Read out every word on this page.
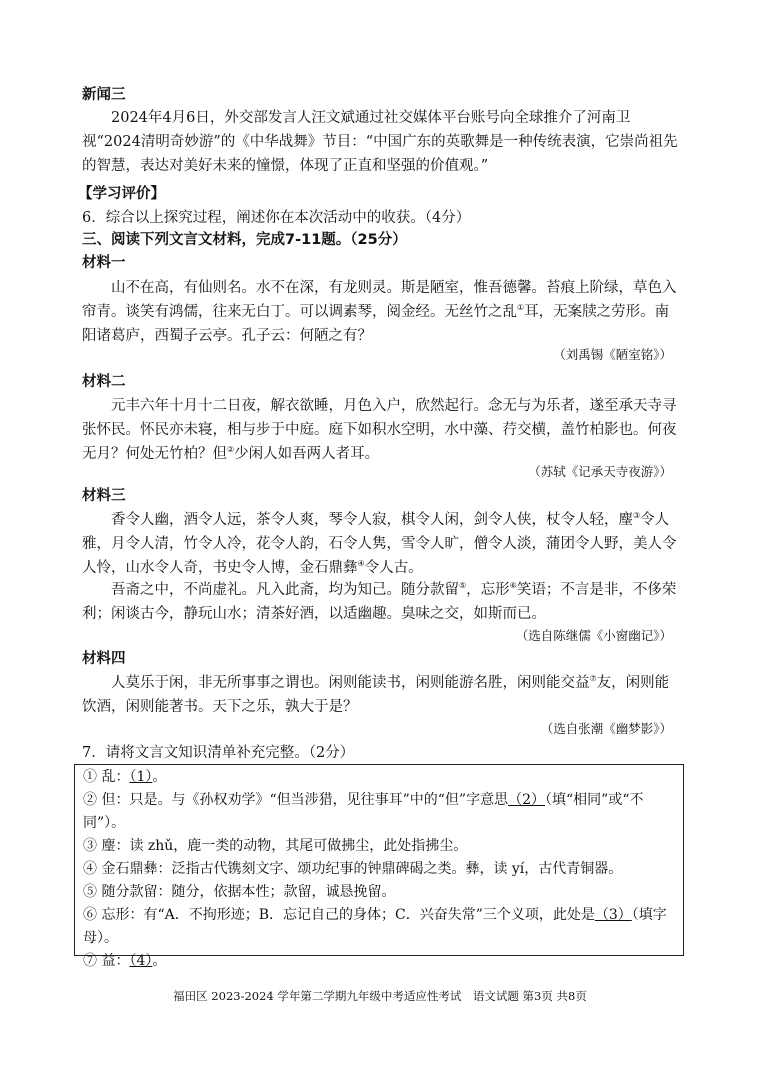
新闻三

2024年4月6日，外交部发言人汪文斌通过社交媒体平台账号向全球推介了河南卫视“2024清明奇妙游”的《中华战舞》节目：“中国广东的英歌舞是一种传统表演，它崇尚祖先的智慧，表达对美好未来的憧憬，体现了正直和坚强的价值观。”

【学习评价】
6．综合以上探究过程，阐述你在本次活动中的收获。（4分）
三、阅读下列文言文材料，完成7-11题。（25分）
材料一

山不在高，有仙则名。水不在深，有龙则灵。斯是陋室，惟吾德馨。苔痕上阶绿，草色入帘青。谈笑有鸿儒，往来无白丁。可以调素琴，阅金经。无丝竹之乱①耳，无案牍之劳形。南阳诸葛庐，西蜀子云亭。孔子云：何陋之有？

（刘禹锡《陋室铭》）
材料二

元丰六年十月十二日夜，解衣欲睡，月色入户，欣然起行。念无与为乐者，遂至承天寺寻张怀民。怀民亦未寝，相与步于中庭。庭下如积水空明，水中藻、荇交横，盖竹柏影也。何夜无月？何处无竹柏？但②少闲人如吾两人者耳。

（苏轼《记承天寺夜游》）
材料三

香令人幽，酒令人远，茶令人爽，琴令人寂，棋令人闲，剑令人侠，杖令人轻，麈③令人雅，月令人清，竹令人冷，花令人韵，石令人隽，雪令人旷，僧令人淡，蒲团令人野，美人令人怜，山水令人奇，书史令人博，金石鼎彝④令人古。

吾斋之中，不尚虚礼。凡入此斋，均为知己。随分款留⑤，忘形⑥笑语；不言是非，不侈荣利；闲谈古今，静玩山水；清茶好酒，以适幽趣。臭味之交，如斯而已。

（选自陈继儒《小窗幽记》）
材料四

人莫乐于闲，非无所事事之谓也。闲则能读书，闲则能游名胜，闲则能交益⑦友，闲则能饮酒，闲则能著书。天下之乐，孰大于是？

（选自张潮《幽梦影》）
7．请将文言文知识清单补充完整。（2分）
① 乱：（1）。
② 但：只是。与《孙权劝学》“但当涉猎，见往事耳”中的“但”字意思（2）（填“相同”或“不同”）。
③ 麈：读 zhǔ，鹿一类的动物，其尾可做拂尘，此处指拂尘。
④ 金石鼎彝：泛指古代镌刻文字、颂功纪事的钟鼎碑碣之类。彝，读 yí，古代青铜器。
⑤ 随分款留：随分，依据本性；款留，诚恳挽留。
⑥ 忘形：有“A．不拘形迹；B．忘记自己的身体；C．兴奋失常”三个义项，此处是（3）（填字母）。
⑦ 益：（4）。
福田区 2023-2024 学年第二学期九年级中考适应性考试　语文试题 第3页 共8页
